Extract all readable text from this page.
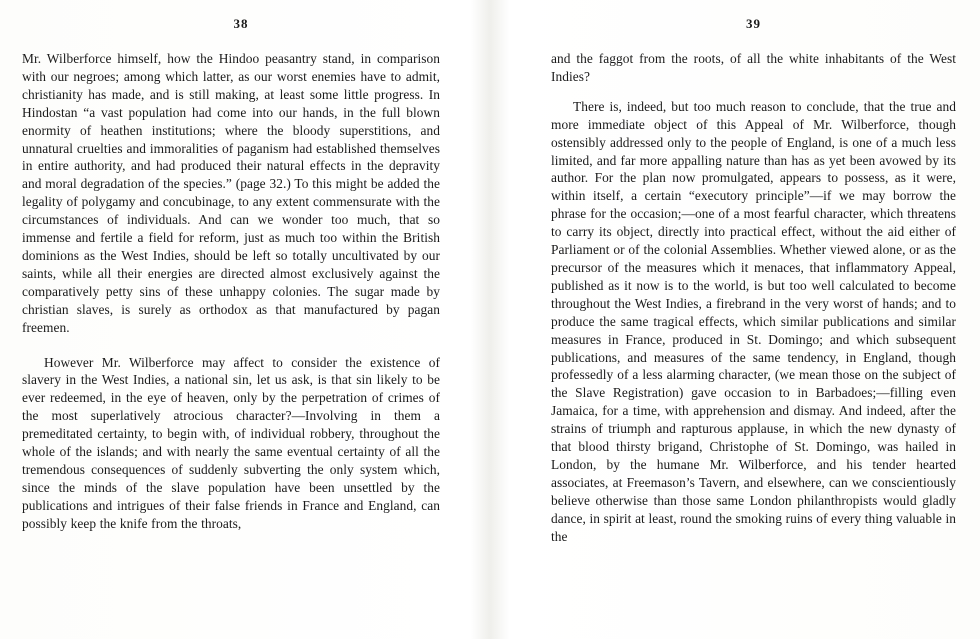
38

Mr. Wilberforce himself, how the Hindoo peasantry stand, in comparison with our negroes; among which latter, as our worst enemies have to admit, christianity has made, and is still making, at least some little progress. In Hindostan “a vast population had come into our hands, in the full blown enormity of heathen institutions; where the bloody superstitions, and unnatural cruelties and immoralities of paganism had established themselves in entire authority, and had produced their natural effects in the depravity and moral degradation of the species.” (page 32.) To this might be added the legality of polygamy and concubinage, to any extent commensurate with the circumstances of individuals. And can we wonder too much, that so immense and fertile a field for reform, just as much too within the British dominions as the West Indies, should be left so totally uncultivated by our saints, while all their energies are directed almost exclusively against the comparatively petty sins of these unhappy colonies. The sugar made by christian slaves, is surely as orthodox as that manufactured by pagan freemen.

However Mr. Wilberforce may affect to consider the existence of slavery in the West Indies, a national sin, let us ask, is that sin likely to be ever redeemed, in the eye of heaven, only by the perpetration of crimes of the most superlatively atrocious character?—Involving in them a premeditated certainty, to begin with, of individual robbery, throughout the whole of the islands; and with nearly the same eventual certainty of all the tremendous consequences of suddenly subverting the only system which, since the minds of the slave population have been unsettled by the publications and intrigues of their false friends in France and England, can possibly keep the knife from the throats,

39

and the faggot from the roots, of all the white inhabitants of the West Indies?

There is, indeed, but too much reason to conclude, that the true and more immediate object of this Appeal of Mr. Wilberforce, though ostensibly addressed only to the people of England, is one of a much less limited, and far more appalling nature than has as yet been avowed by its author. For the plan now promulgated, appears to possess, as it were, within itself, a certain “executory principle”—if we may borrow the phrase for the occasion;—one of a most fearful character, which threatens to carry its object, directly into practical effect, without the aid either of Parliament or of the colonial Assemblies. Whether viewed alone, or as the precursor of the measures which it menaces, that inflammatory Appeal, published as it now is to the world, is but too well calculated to become throughout the West Indies, a firebrand in the very worst of hands; and to produce the same tragical effects, which similar publications and similar measures in France, produced in St. Domingo; and which subsequent publications, and measures of the same tendency, in England, though professedly of a less alarming character, (we mean those on the subject of the Slave Registration) gave occasion to in Barbadoes;—filling even Jamaica, for a time, with apprehension and dismay. And indeed, after the strains of triumph and rapturous applause, in which the new dynasty of that blood thirsty brigand, Christophe of St. Domingo, was hailed in London, by the humane Mr. Wilberforce, and his tender hearted associates, at Freemason’s Tavern, and elsewhere, can we conscientiously believe otherwise than those same London philanthropists would gladly dance, in spirit at least, round the smoking ruins of every thing valuable in the
